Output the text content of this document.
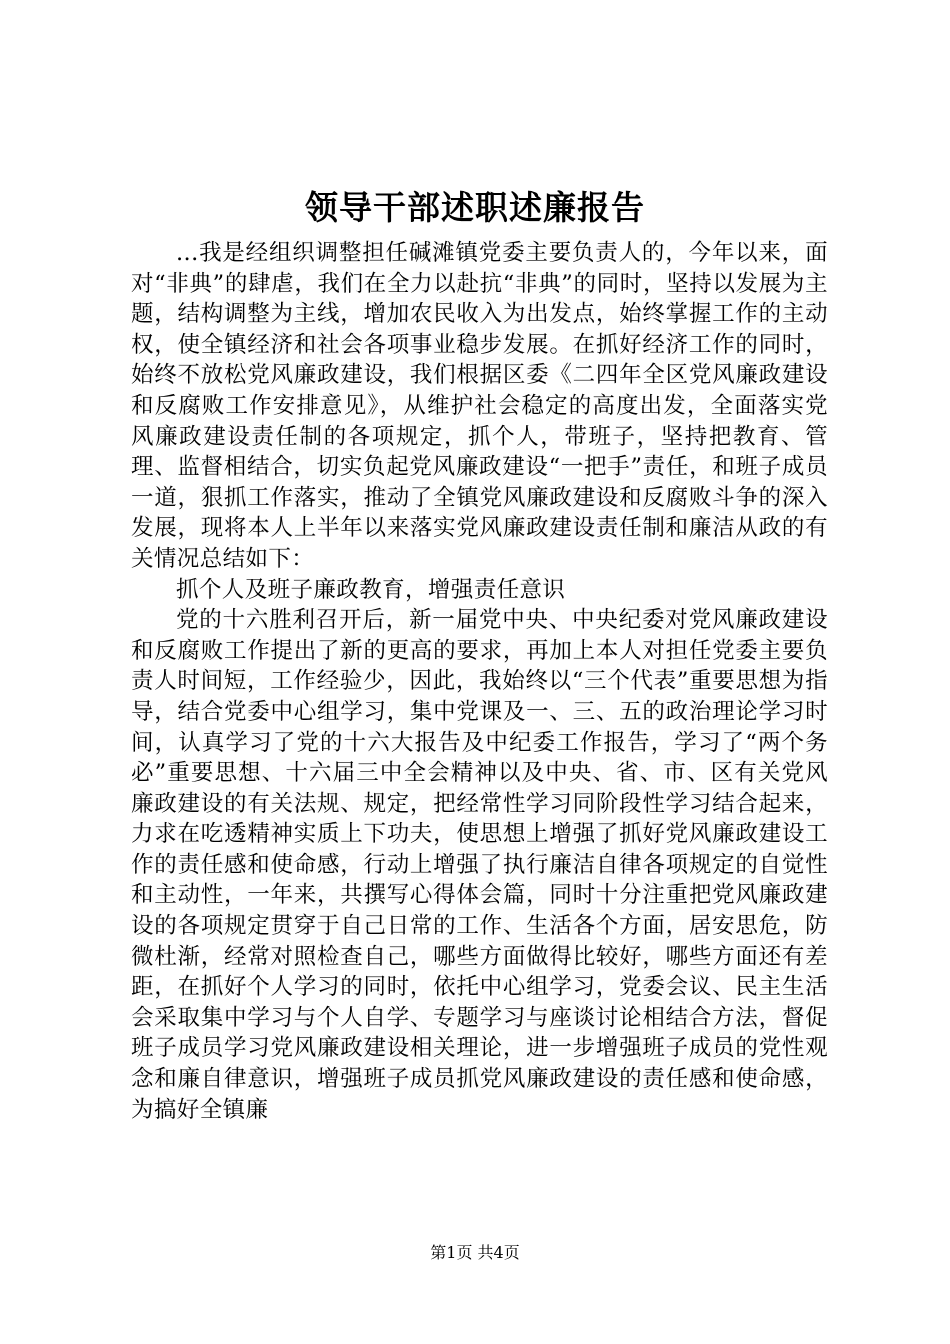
领导干部述职述廉报告

...我是经组织调整担任碱滩镇党委主要负责人的，今年以来，面对“非典”的肆虐，我们在全力以赴抗“非典”的同时，坚持以发展为主题，结构调整为主线，增加农民收入为出发点，始终掌握工作的主动权，使全镇经济和社会各项事业稳步发展。在抓好经济工作的同时，始终不放松党风廉政建设，我们根据区委《二四年全区党风廉政建设和反腐败工作安排意见》，从维护社会稳定的高度出发，全面落实党风廉政建设责任制的各项规定，抓个人，带班子，坚持把教育、管理、监督相结合，切实负起党风廉政建设“一把手”责任，和班子成员一道，狠抓工作落实，推动了全镇党风廉政建设和反腐败斗争的深入发展，现将本人上半年以来落实党风廉政建设责任制和廉洁从政的有关情况总结如下：

抓个人及班子廉政教育，增强责任意识

党的十六胜利召开后，新一届党中央、中央纪委对党风廉政建设和反腐败工作提出了新的更高的要求，再加上本人对担任党委主要负责人时间短，工作经验少，因此，我始终以“三个代表”重要思想为指导，结合党委中心组学习，集中党课及一、三、五的政治理论学习时间，认真学习了党的十六大报告及中纪委工作报告，学习了“两个务必”重要思想、十六届三中全会精神以及中央、省、市、区有关党风廉政建设的有关法规、规定，把经常性学习同阶段性学习结合起来，力求在吃透精神实质上下功夫，使思想上增强了抓好党风廉政建设工作的责任感和使命感，行动上增强了执行廉洁自律各项规定的自觉性和主动性，一年来，共撰写心得体会篇，同时十分注重把党风廉政建设的各项规定贯穿于自己日常的工作、生活各个方面，居安思危，防微杜渐，经常对照检查自己，哪些方面做得比较好，哪些方面还有差距，在抓好个人学习的同时，依托中心组学习，党委会议、民主生活会采取集中学习与个人自学、专题学习与座谈讨论相结合方法，督促班子成员学习党风廉政建设相关理论，进一步增强班子成员的党性观念和廉自律意识，增强班子成员抓党风廉政建设的责任感和使命感，为搞好全镇廉

第1页 共4页
